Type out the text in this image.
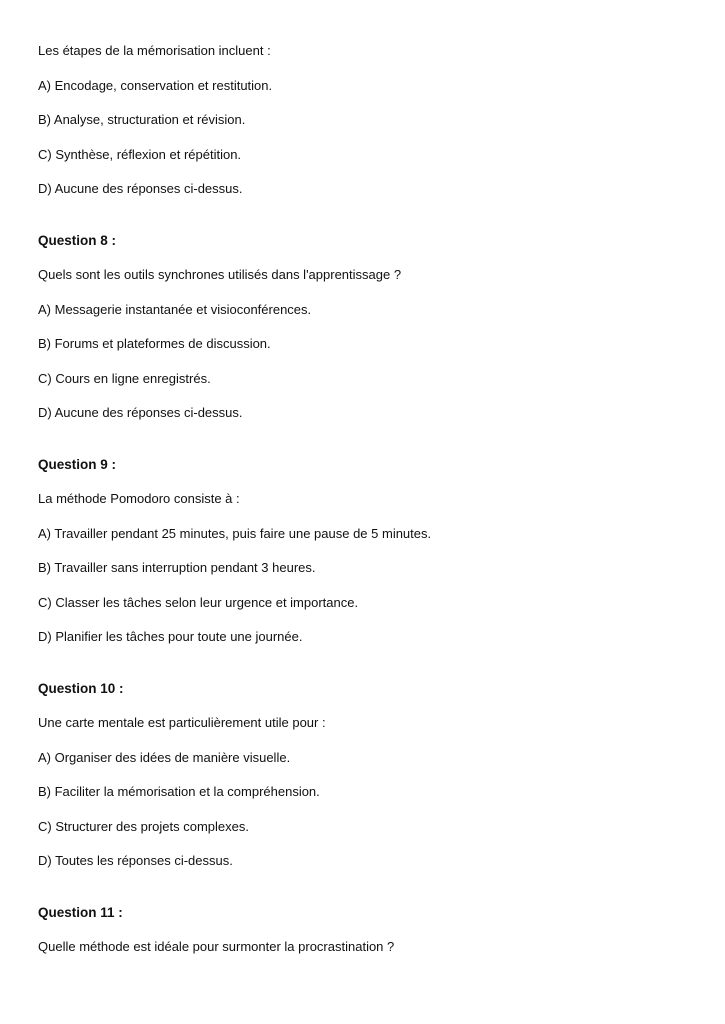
Les étapes de la mémorisation incluent :
A) Encodage, conservation et restitution.
B) Analyse, structuration et révision.
C) Synthèse, réflexion et répétition.
D) Aucune des réponses ci-dessus.
Question 8 :
Quels sont les outils synchrones utilisés dans l'apprentissage ?
A) Messagerie instantanée et visioconférences.
B) Forums et plateformes de discussion.
C) Cours en ligne enregistrés.
D) Aucune des réponses ci-dessus.
Question 9 :
La méthode Pomodoro consiste à :
A) Travailler pendant 25 minutes, puis faire une pause de 5 minutes.
B) Travailler sans interruption pendant 3 heures.
C) Classer les tâches selon leur urgence et importance.
D) Planifier les tâches pour toute une journée.
Question 10 :
Une carte mentale est particulièrement utile pour :
A) Organiser des idées de manière visuelle.
B) Faciliter la mémorisation et la compréhension.
C) Structurer des projets complexes.
D) Toutes les réponses ci-dessus.
Question 11 :
Quelle méthode est idéale pour surmonter la procrastination ?
